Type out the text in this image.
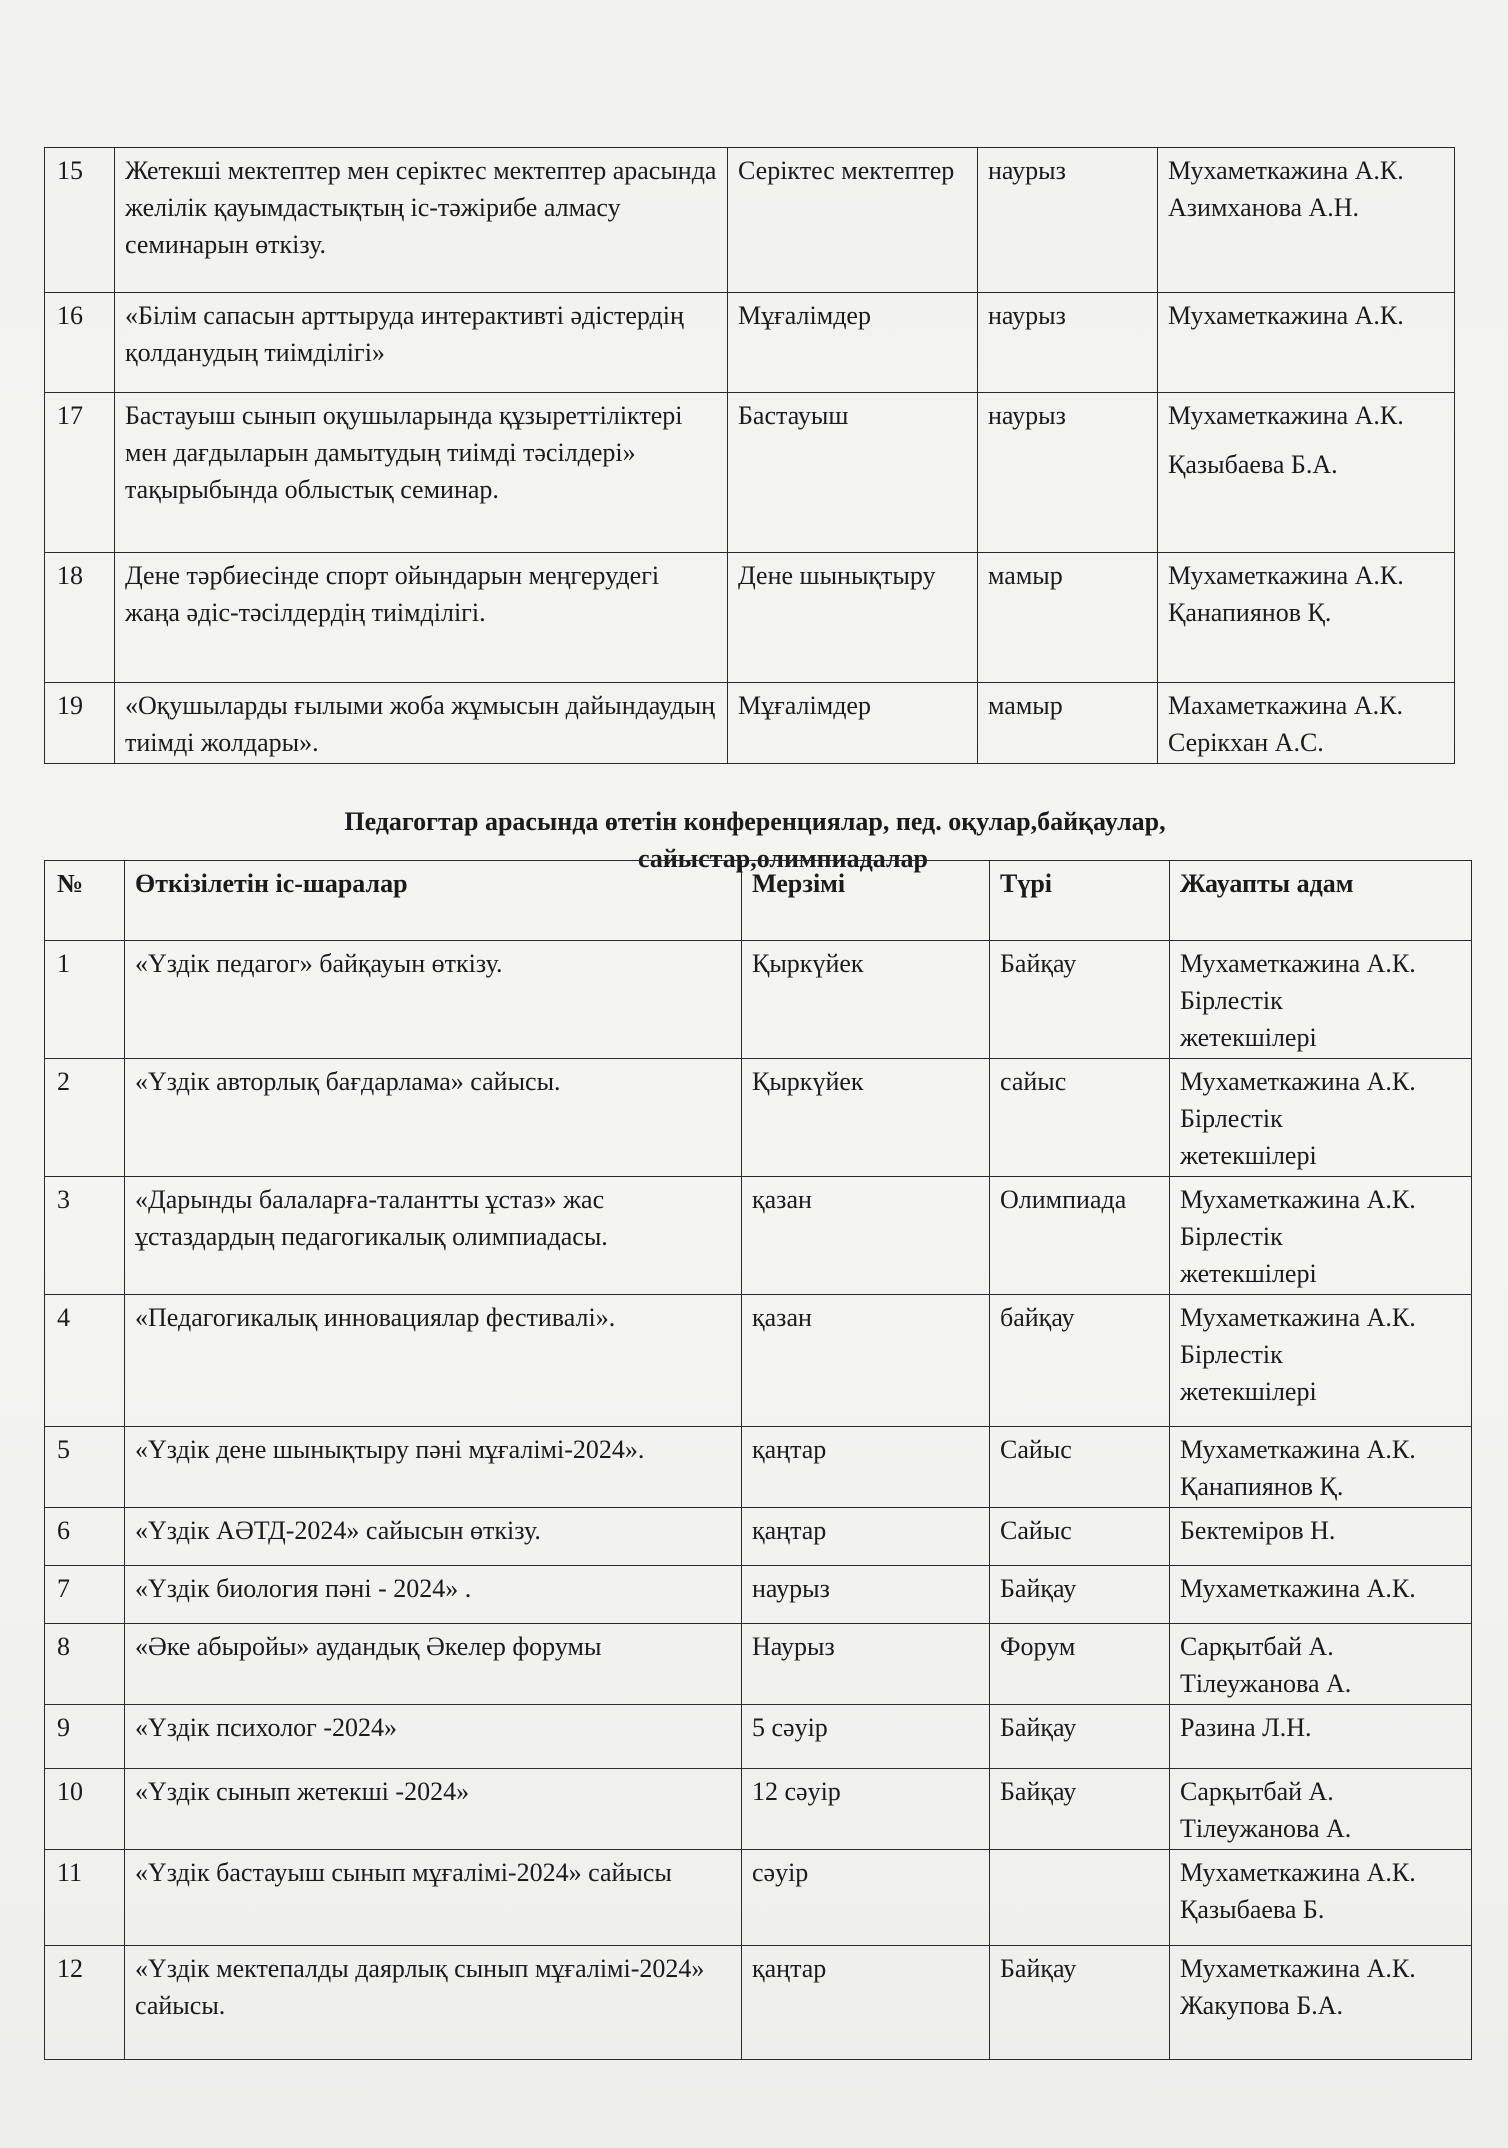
15	Жетекші мектептер мен серіктес мектептер арасында желілік қауымдастықтың іс-тәжірибе алмасу семинарын өткізу.	Серіктес мектептер	наурыз	Мухаметкажина А.К.
Азимханова А.Н.

16	«Білім сапасын арттыруда интерактивті әдістердің қолданудың тиімділігі»	Мұғалімдер	наурыз	Мухаметкажина А.К.

17	Бастауыш сынып оқушыларында құзыреттіліктері мен дағдыларын дамытудың тиімді тәсілдері» тақырыбында облыстық семинар.	Бастауыш	наурыз	Мухаметкажина А.К.
Қазыбаева Б.А.

18	Дене тәрбиесінде спорт ойындарын меңгерудегі жаңа әдіс-тәсілдердің тиімділігі.	Дене шынықтыру	мамыр	Мухаметкажина А.К.
Қанапиянов Қ.

19	«Оқушыларды ғылыми жоба жұмысын дайындаудың тиімді жолдары».	Мұғалімдер	мамыр	Махаметкажина А.К.
Серікхан А.С.
Педагогтар арасында өтетін конференциялар, пед. оқулар,байқаулар,
сайыстар,олимпиадалар
№	Өткізілетін іс-шаралар	Мерзімі	Түрі	Жауапты адам
1	«Үздік педагог» байқауын өткізу.	Қыркүйек	Байқау	Мухаметкажина А.К.
Бірлестік
жетекшілері

2	«Үздік авторлық бағдарлама» сайысы.	Қыркүйек	сайыс	Мухаметкажина А.К.
Бірлестік
жетекшілері

3	«Дарынды балаларға-талантты ұстаз» жас ұстаздардың педагогикалық олимпиадасы.	қазан	Олимпиада	Мухаметкажина А.К.
Бірлестік
жетекшілері

4	«Педагогикалық инновациялар фестивалі».	қазан	байқау	Мухаметкажина А.К.
Бірлестік
жетекшілері

5	«Үздік дене шынықтыру пәні мұғалімі-2024».	қаңтар	Сайыс	Мухаметкажина А.К.
Қанапиянов Қ.

6	«Үздік АӘТД-2024» сайысын өткізу.	қаңтар	Сайыс	Бектеміров Н.

7	«Үздік биология пәні - 2024» .	наурыз	Байқау	Мухаметкажина А.К.

8	«Әке абыройы» аудандық Әкелер форумы	Наурыз	Форум	Сарқытбай А.
Тілеужанова А.

9	«Үздік психолог -2024»	5 сәуір	Байқау	Разина Л.Н.

10	«Үздік сынып жетекші -2024»	12 сәуір	Байқау	Сарқытбай А.
Тілеужанова А.

11	«Үздік бастауыш сынып мұғалімі-2024» сайысы	сәуір		Мухаметкажина А.К.
Қазыбаева Б.

12	«Үздік мектепалды даярлық сынып мұғалімі-2024» сайысы.	қаңтар	Байқау	Мухаметкажина А.К.
Жакупова Б.А.
